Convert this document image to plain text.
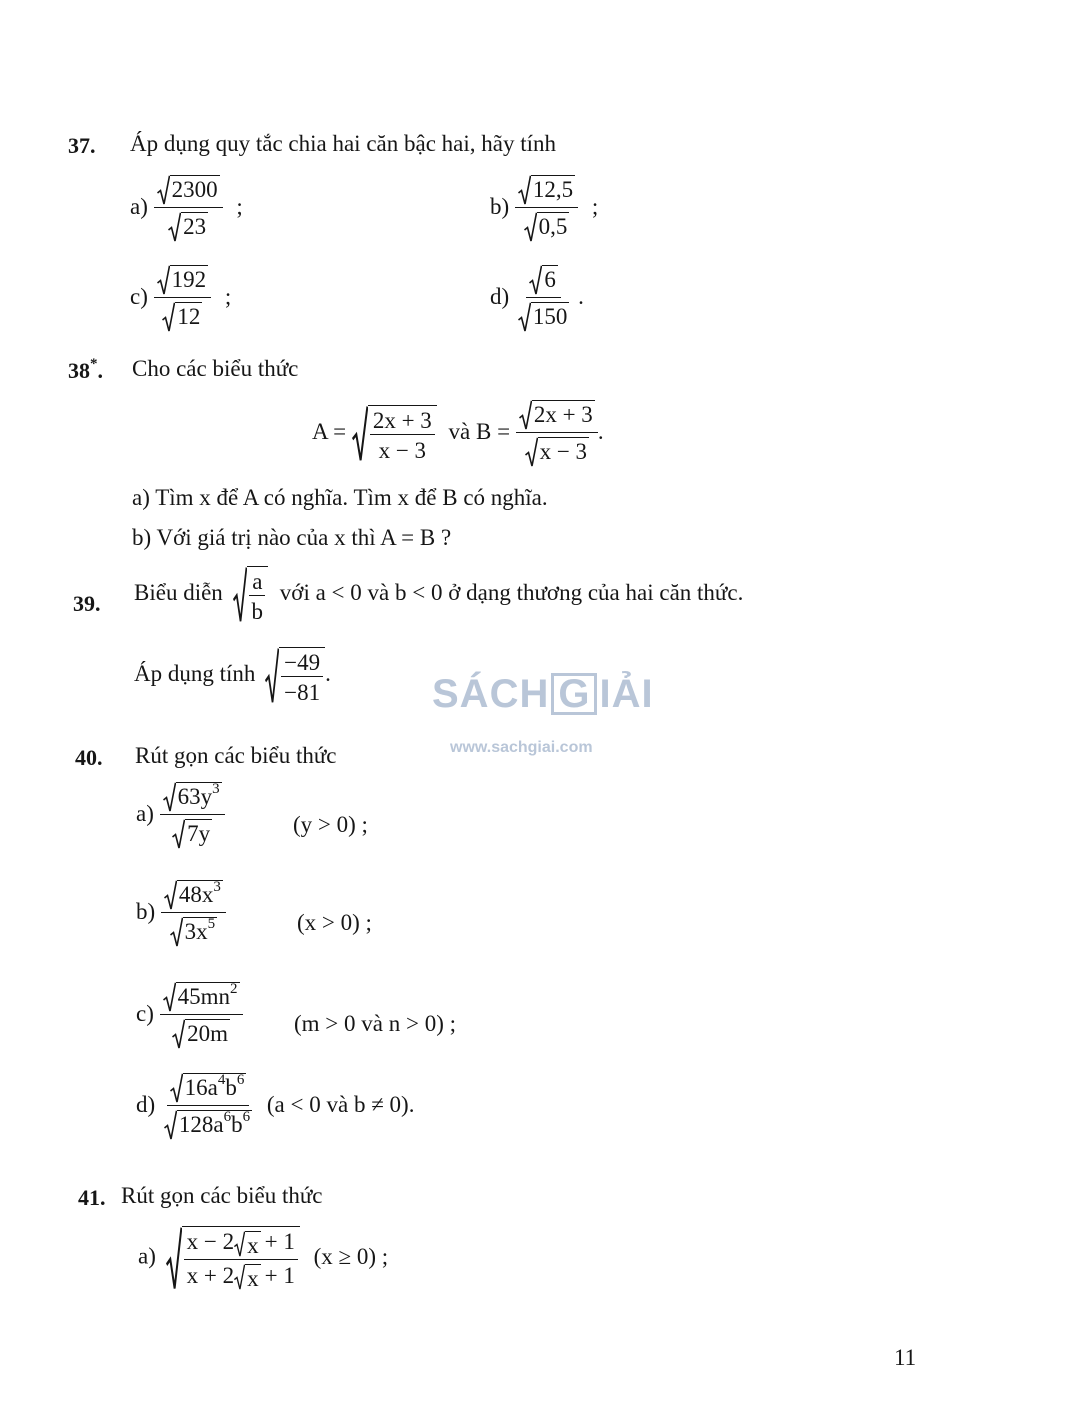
SÁCH G IẢI
www.sachgiai.com
37. Áp dụng quy tắc chia hai căn bậc hai, hãy tính
$a) \frac{2300}{23}$ ;	$b) \frac{12,5}{0,5}$ ;
$c) \frac{192}{12}$ ;	$d) \frac{6}{150}$ .
38*. Cho các biểu thức
$A = \frac{2x + 3}{x - 3}$ và $B = \frac{2x + 3}{x - 3}$ .
a) Tìm x để A có nghĩa. Tìm x để B có nghĩa.
b) Với giá trị nào của x thì A = B ?
39. Biểu diễn $\frac{a}{b}$ với a < 0 và b < 0 ở dạng thương của hai căn thức.
Áp dụng tính $\frac{-49}{-81}$ .
40. Rút gọn các biểu thức
$a) \frac{63y^3}{7y}$	(y > 0) ;
$b) \frac{48x^3}{3x^5}$	(x > 0) ;
$c) \frac{45mn^2}{20m} (m > 0$ và n > 0) ;
$d) \frac{16a^4b^6}{128a^6b^6} (a < 0$ và b ≠ 0).
41. Rút gọn các biểu thức
$a) \frac{x - 2 x + 1}{x + 2 x + 1} (x \ge 0)$ ;
11
